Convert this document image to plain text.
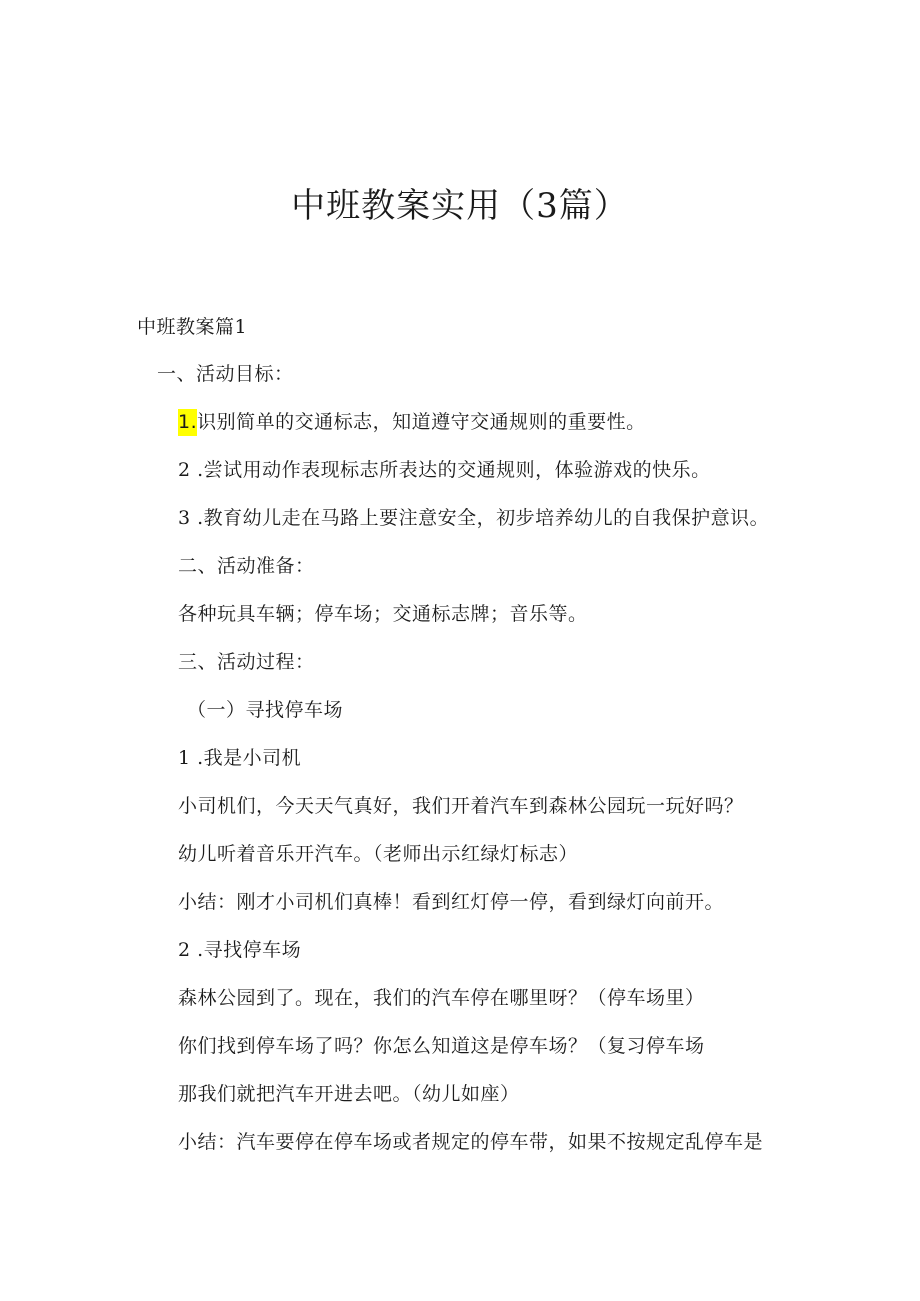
中班教案实用（3篇）
中班教案篇1
一、活动目标：
1.识别简单的交通标志，知道遵守交通规则的重要性。
2 .尝试用动作表现标志所表达的交通规则，体验游戏的快乐。
3 .教育幼儿走在马路上要注意安全，初步培养幼儿的自我保护意识。
二、活动准备：
各种玩具车辆；停车场；交通标志牌；音乐等。
三、活动过程：
（一）寻找停车场
1 .我是小司机
小司机们，今天天气真好，我们开着汽车到森林公园玩一玩好吗？
幼儿听着音乐开汽车。（老师出示红绿灯标志）
小结：刚才小司机们真棒！看到红灯停一停，看到绿灯向前开。
2 .寻找停车场
森林公园到了。现在，我们的汽车停在哪里呀？（停车场里）
你们找到停车场了吗？你怎么知道这是停车场？（复习停车场
那我们就把汽车开进去吧。（幼儿如座）
小结：汽车要停在停车场或者规定的停车带，如果不按规定乱停车是
